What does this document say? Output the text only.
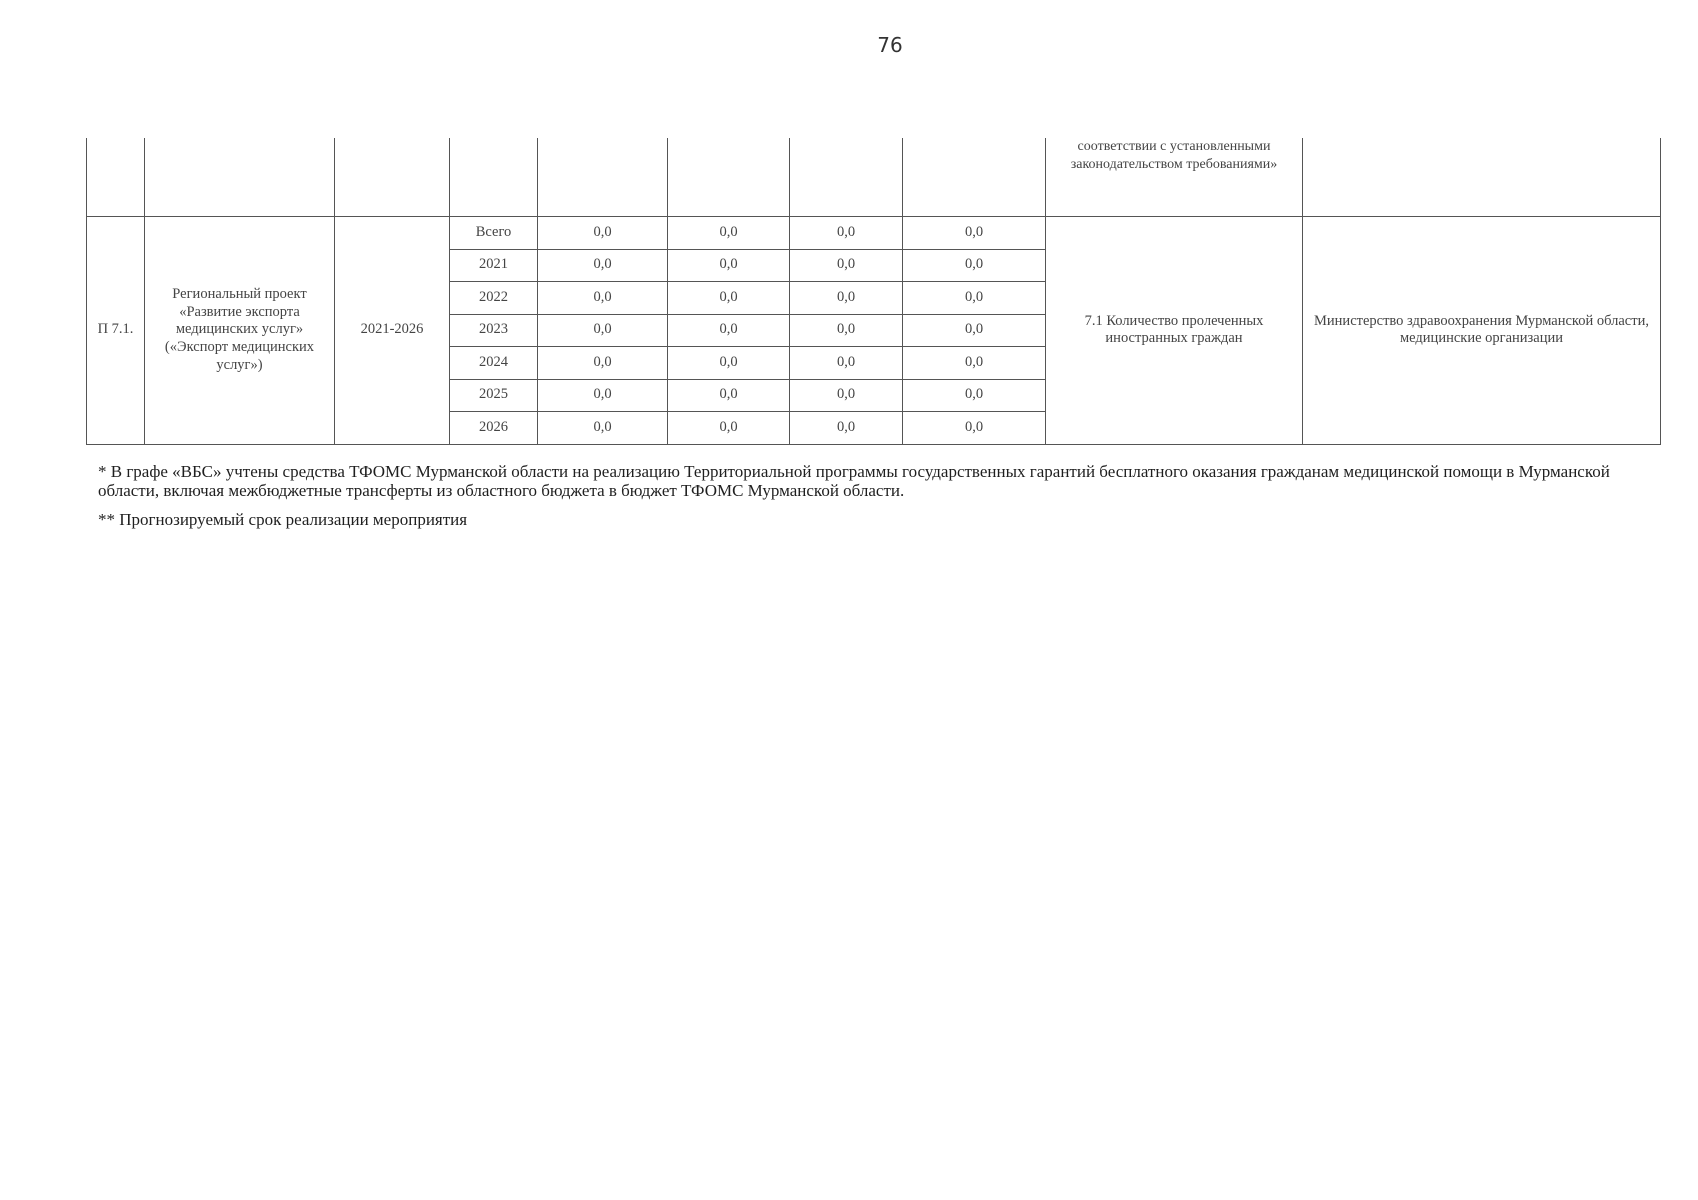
76

								соответствии с установленными законодательством требованиями»	

П 7.1.	Региональный проект «Развитие экспорта медицинских услуг» («Экспорт медицинских услуг»)	2021-2026	Всего	0,0	0,0	0,0	0,0	7.1 Количество пролеченных иностранных граждан	Министерство здравоохранения Мурманской области, медицинские организации
			2021	0,0	0,0	0,0	0,0		
			2022	0,0	0,0	0,0	0,0		
			2023	0,0	0,0	0,0	0,0		
			2024	0,0	0,0	0,0	0,0		
			2025	0,0	0,0	0,0	0,0		
			2026	0,0	0,0	0,0	0,0		

* В графе «ВБС» учтены средства ТФОМС Мурманской области на реализацию Территориальной программы государственных гарантий бесплатного оказания гражданам медицинской помощи в Мурманской области, включая межбюджетные трансферты из областного бюджета в бюджет ТФОМС Мурманской области.

** Прогнозируемый срок реализации мероприятия
